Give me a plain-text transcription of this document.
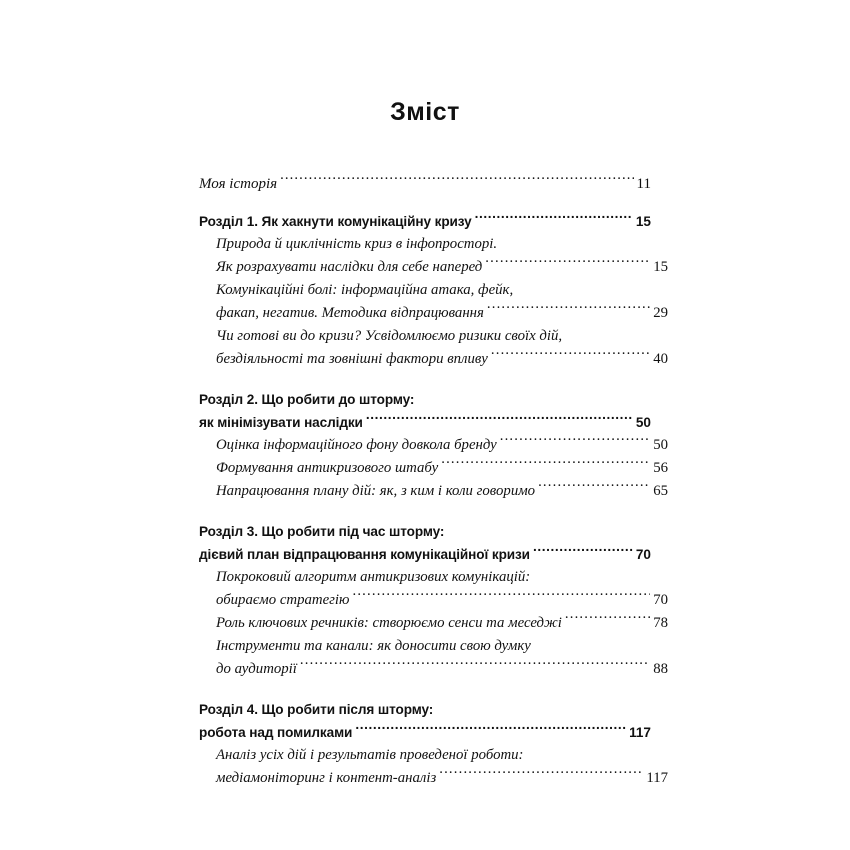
Зміст
Моя історія .....	11
Розділ 1. Як хакнути комунікаційну кризу .....	15
Природа й циклічність криз в інфопросторі.
Як розрахувати наслідки для себе наперед .....	15
Комунікаційні болі: інформаційна атака, фейк,
факап, негатив. Методика відпрацювання .....	29
Чи готові ви до кризи? Усвідомлюємо ризики своїх дій,
бездіяльності та зовнішні фактори впливу .....	40
Розділ 2. Що робити до шторму:
як мінімізувати наслідки .....	50
Оцінка інформаційного фону довкола бренду .....	50
Формування антикризового штабу .....	56
Напрацювання плану дій: як, з ким і коли говоримо .....	65
Розділ 3. Що робити під час шторму:
дієвий план відпрацювання комунікаційної кризи .....	70
Покроковий алгоритм антикризових комунікацій:
обираємо стратегію .....	70
Роль ключових речників: створюємо сенси та меседжі .....	78
Інструменти та канали: як доносити свою думку
до аудиторії .....	88
Розділ 4. Що робити після шторму:
робота над помилками .....	117
Аналіз усіх дій і результатів проведеної роботи:
медіамоніторинг і контент-аналіз .....	117
